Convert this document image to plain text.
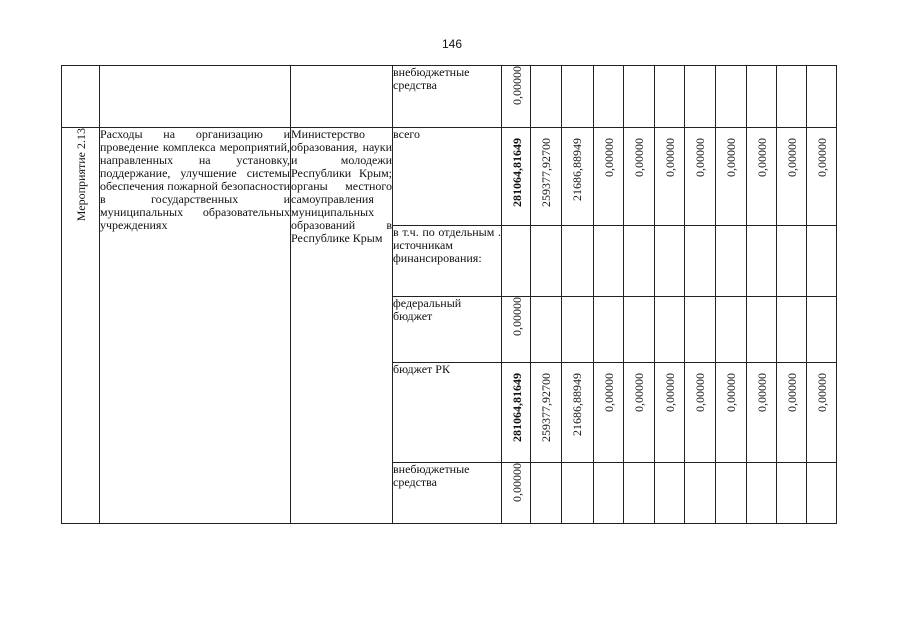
146
			внебюджетные средства	0,00000										
Мероприятие 2.13	Расходы на организацию и проведение комплекса мероприятий, направленных на установку, поддержание, улучшение системы обеспечения пожарной безопасности в государственных и муниципальных образовательных учреждениях	Министерство образования, науки и молодежи Республики Крым; органы местного самоуправления муниципальных образований в Республике Крым	всего	281064,81649	259377,92700	21686,88949	0,00000	0,00000	0,00000	0,00000	0,00000	0,00000	0,00000	0,00000
			в т.ч. по отдельным . источникам финансирования:											
			федеральный бюджет	0,00000										
			бюджет РК	281064,81649	259377,92700	21686,88949	0,00000	0,00000	0,00000	0,00000	0,00000	0,00000	0,00000	0,00000
			внебюджетные средства	0,00000										
